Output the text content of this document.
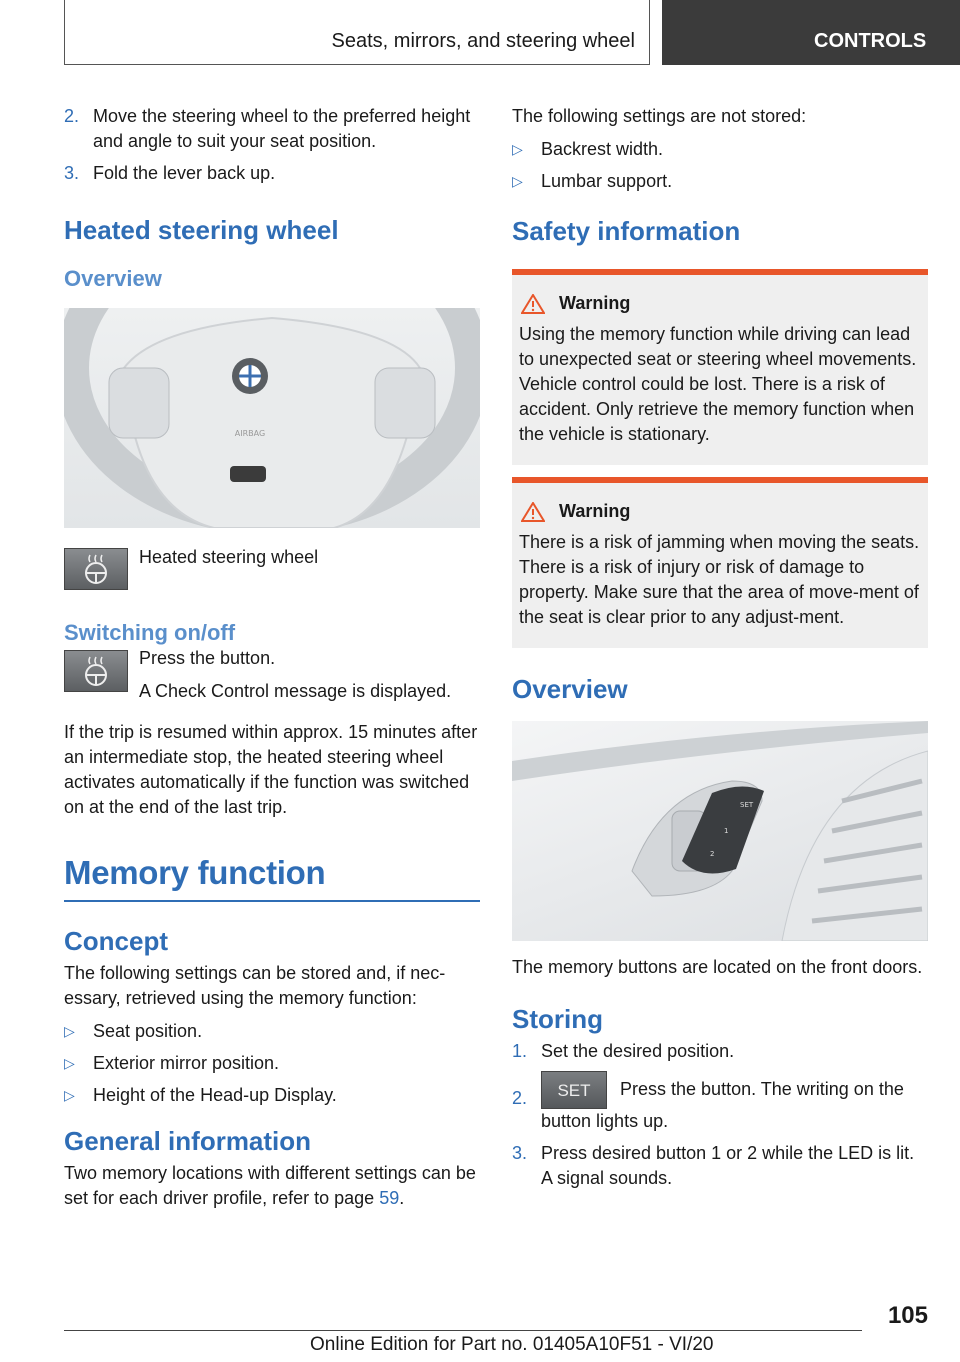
Seats, mirrors, and steering wheel	CONTROLS
2. Move the steering wheel to the preferred height and angle to suit your seat position.
3. Fold the lever back up.
Heated steering wheel
Overview
AIRBAG
Heated steering wheel
Switching on/off
Press the button.
A Check Control message is displayed.
If the trip is resumed within approx. 15 minutes after an intermediate stop, the heated steering wheel activates automatically if the function was switched on at the end of the last trip.
Memory function
Concept
The following settings can be stored and, if nec‐essary, retrieved using the memory function:
▷	Seat position.
▷	Exterior mirror position.
▷	Height of the Head-up Display.
General information
Two memory locations with different settings can be set for each driver profile, refer to page 59.
The following settings are not stored:
▷	Backrest width.
▷	Lumbar support.
Safety information
Warning
Using the memory function while driving can lead to unexpected seat or steering wheel movements. Vehicle control could be lost. There is a risk of accident. Only retrieve the memory function when the vehicle is stationary.
Warning
There is a risk of jamming when moving the seats. There is a risk of injury or risk of damage to property. Make sure that the area of move‐ment of the seat is clear prior to any adjust‐ment.
Overview
SET
1
2
The memory buttons are located on the front doors.
Storing
1. Set the desired position.
2.	SET Press the button. The writing on the button lights up.
3. Press desired button 1 or 2 while the LED is lit. A signal sounds.
105
Online Edition for Part no. 01405A10F51 - VI/20
